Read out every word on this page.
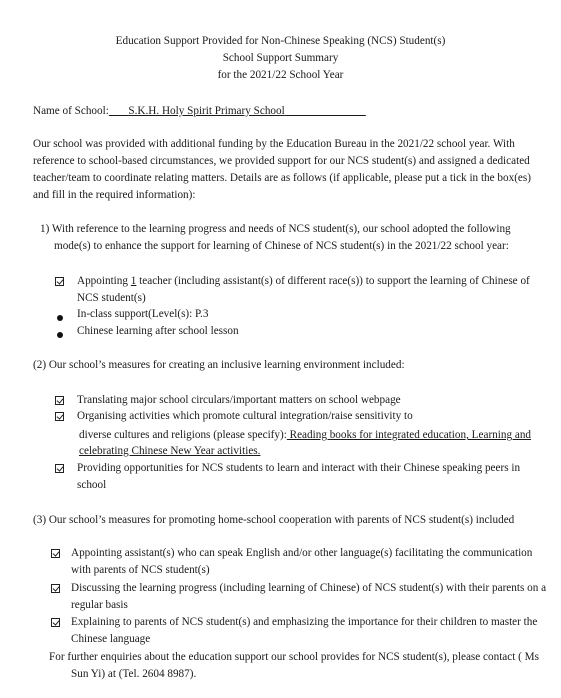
Education Support Provided for Non-Chinese Speaking (NCS) Student(s)
School Support Summary
for the 2021/22 School Year
Name of School: S.K.H. Holy Spirit Primary School
Our school was provided with additional funding by the Education Bureau in the 2021/22 school year. With
reference to school-based circumstances, we provided support for our NCS student(s) and assigned a dedicated
teacher/team to coordinate relating matters. Details are as follows (if applicable, please put a tick in the box(es)
and fill in the required information):
1) With reference to the learning progress and needs of NCS student(s), our school adopted the following
mode(s) to enhance the support for learning of Chinese of NCS student(s) in the 2021/22 school year:
Appointing 1 teacher (including assistant(s) of different race(s)) to support the learning of Chinese of
NCS student(s)
In-class support(Level(s): P.3
Chinese learning after school lesson
(2) Our school’s measures for creating an inclusive learning environment included:
Translating major school circulars/important matters on school webpage
Organising activities which promote cultural integration/raise sensitivity to
diverse cultures and religions (please specify): Reading books for integrated education, Learning and
celebrating Chinese New Year activities.
Providing opportunities for NCS students to learn and interact with their Chinese speaking peers in
school
(3) Our school’s measures for promoting home-school cooperation with parents of NCS student(s) included
Appointing assistant(s) who can speak English and/or other language(s) facilitating the communication
with parents of NCS student(s)
Discussing the learning progress (including learning of Chinese) of NCS student(s) with their parents on a
regular basis
Explaining to parents of NCS student(s) and emphasizing the importance for their children to master the
Chinese language
For further enquiries about the education support our school provides for NCS student(s), please contact ( Ms
Sun Yi) at (Tel. 2604 8987).
